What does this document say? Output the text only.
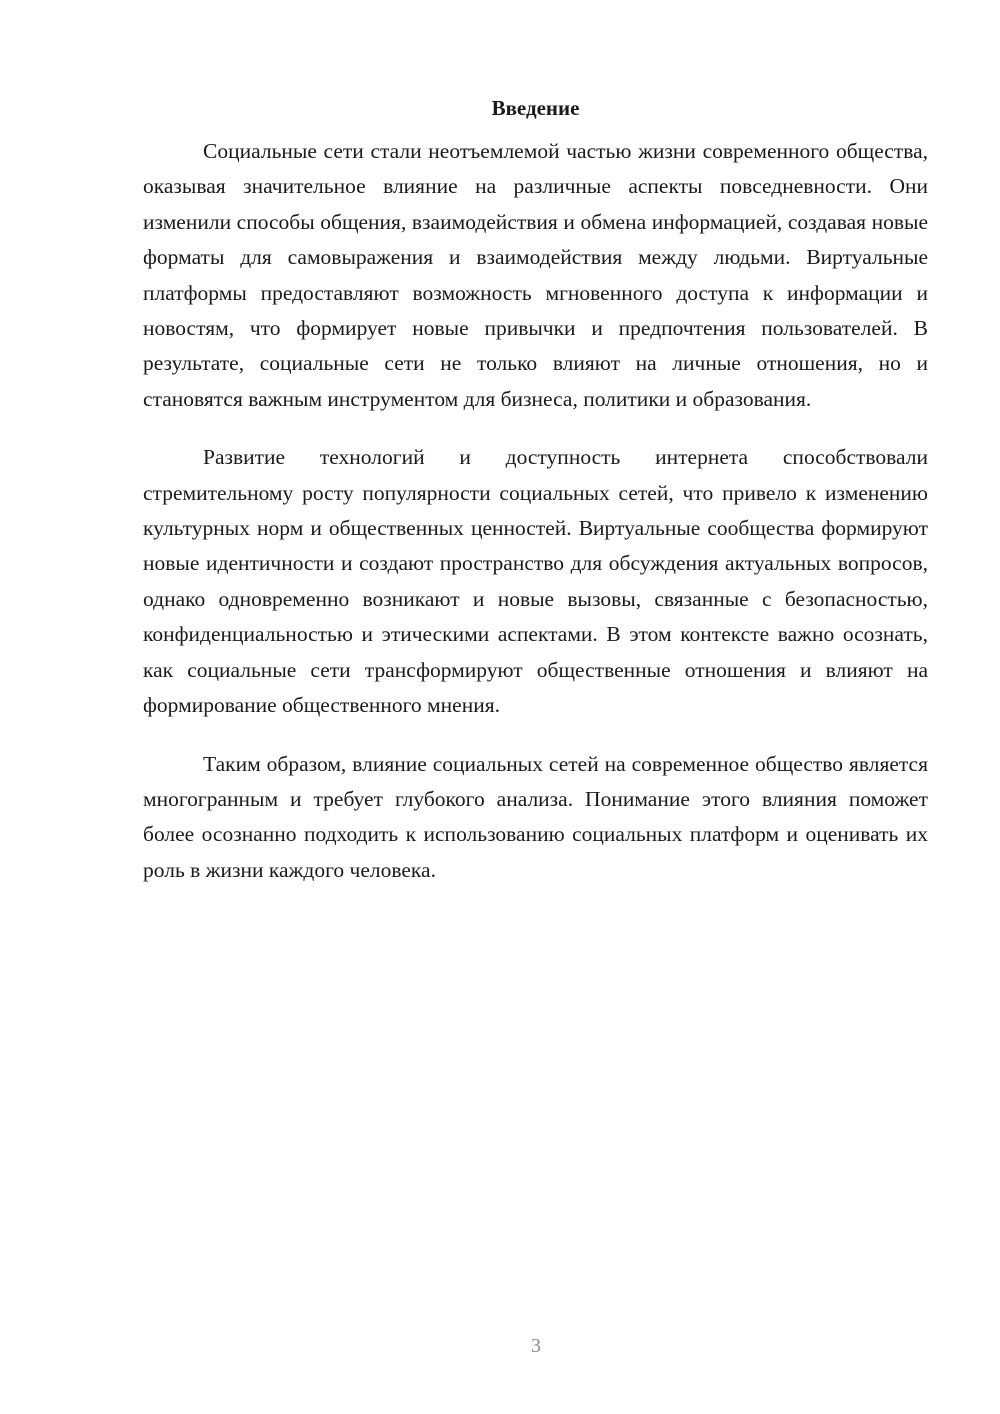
Введение

Социальные сети стали неотъемлемой частью жизни современного общества, оказывая значительное влияние на различные аспекты повседневности. Они изменили способы общения, взаимодействия и обмена информацией, создавая новые форматы для самовыражения и взаимодействия между людьми. Виртуальные платформы предоставляют возможность мгновенного доступа к информации и новостям, что формирует новые привычки и предпочтения пользователей. В результате, социальные сети не только влияют на личные отношения, но и становятся важным инструментом для бизнеса, политики и образования.

Развитие технологий и доступность интернета способствовали стремительному росту популярности социальных сетей, что привело к изменению культурных норм и общественных ценностей. Виртуальные сообщества формируют новые идентичности и создают пространство для обсуждения актуальных вопросов, однако одновременно возникают и новые вызовы, связанные с безопасностью, конфиденциальностью и этическими аспектами. В этом контексте важно осознать, как социальные сети трансформируют общественные отношения и влияют на формирование общественного мнения.

Таким образом, влияние социальных сетей на современное общество является многогранным и требует глубокого анализа. Понимание этого влияния поможет более осознанно подходить к использованию социальных платформ и оценивать их роль в жизни каждого человека.

3
